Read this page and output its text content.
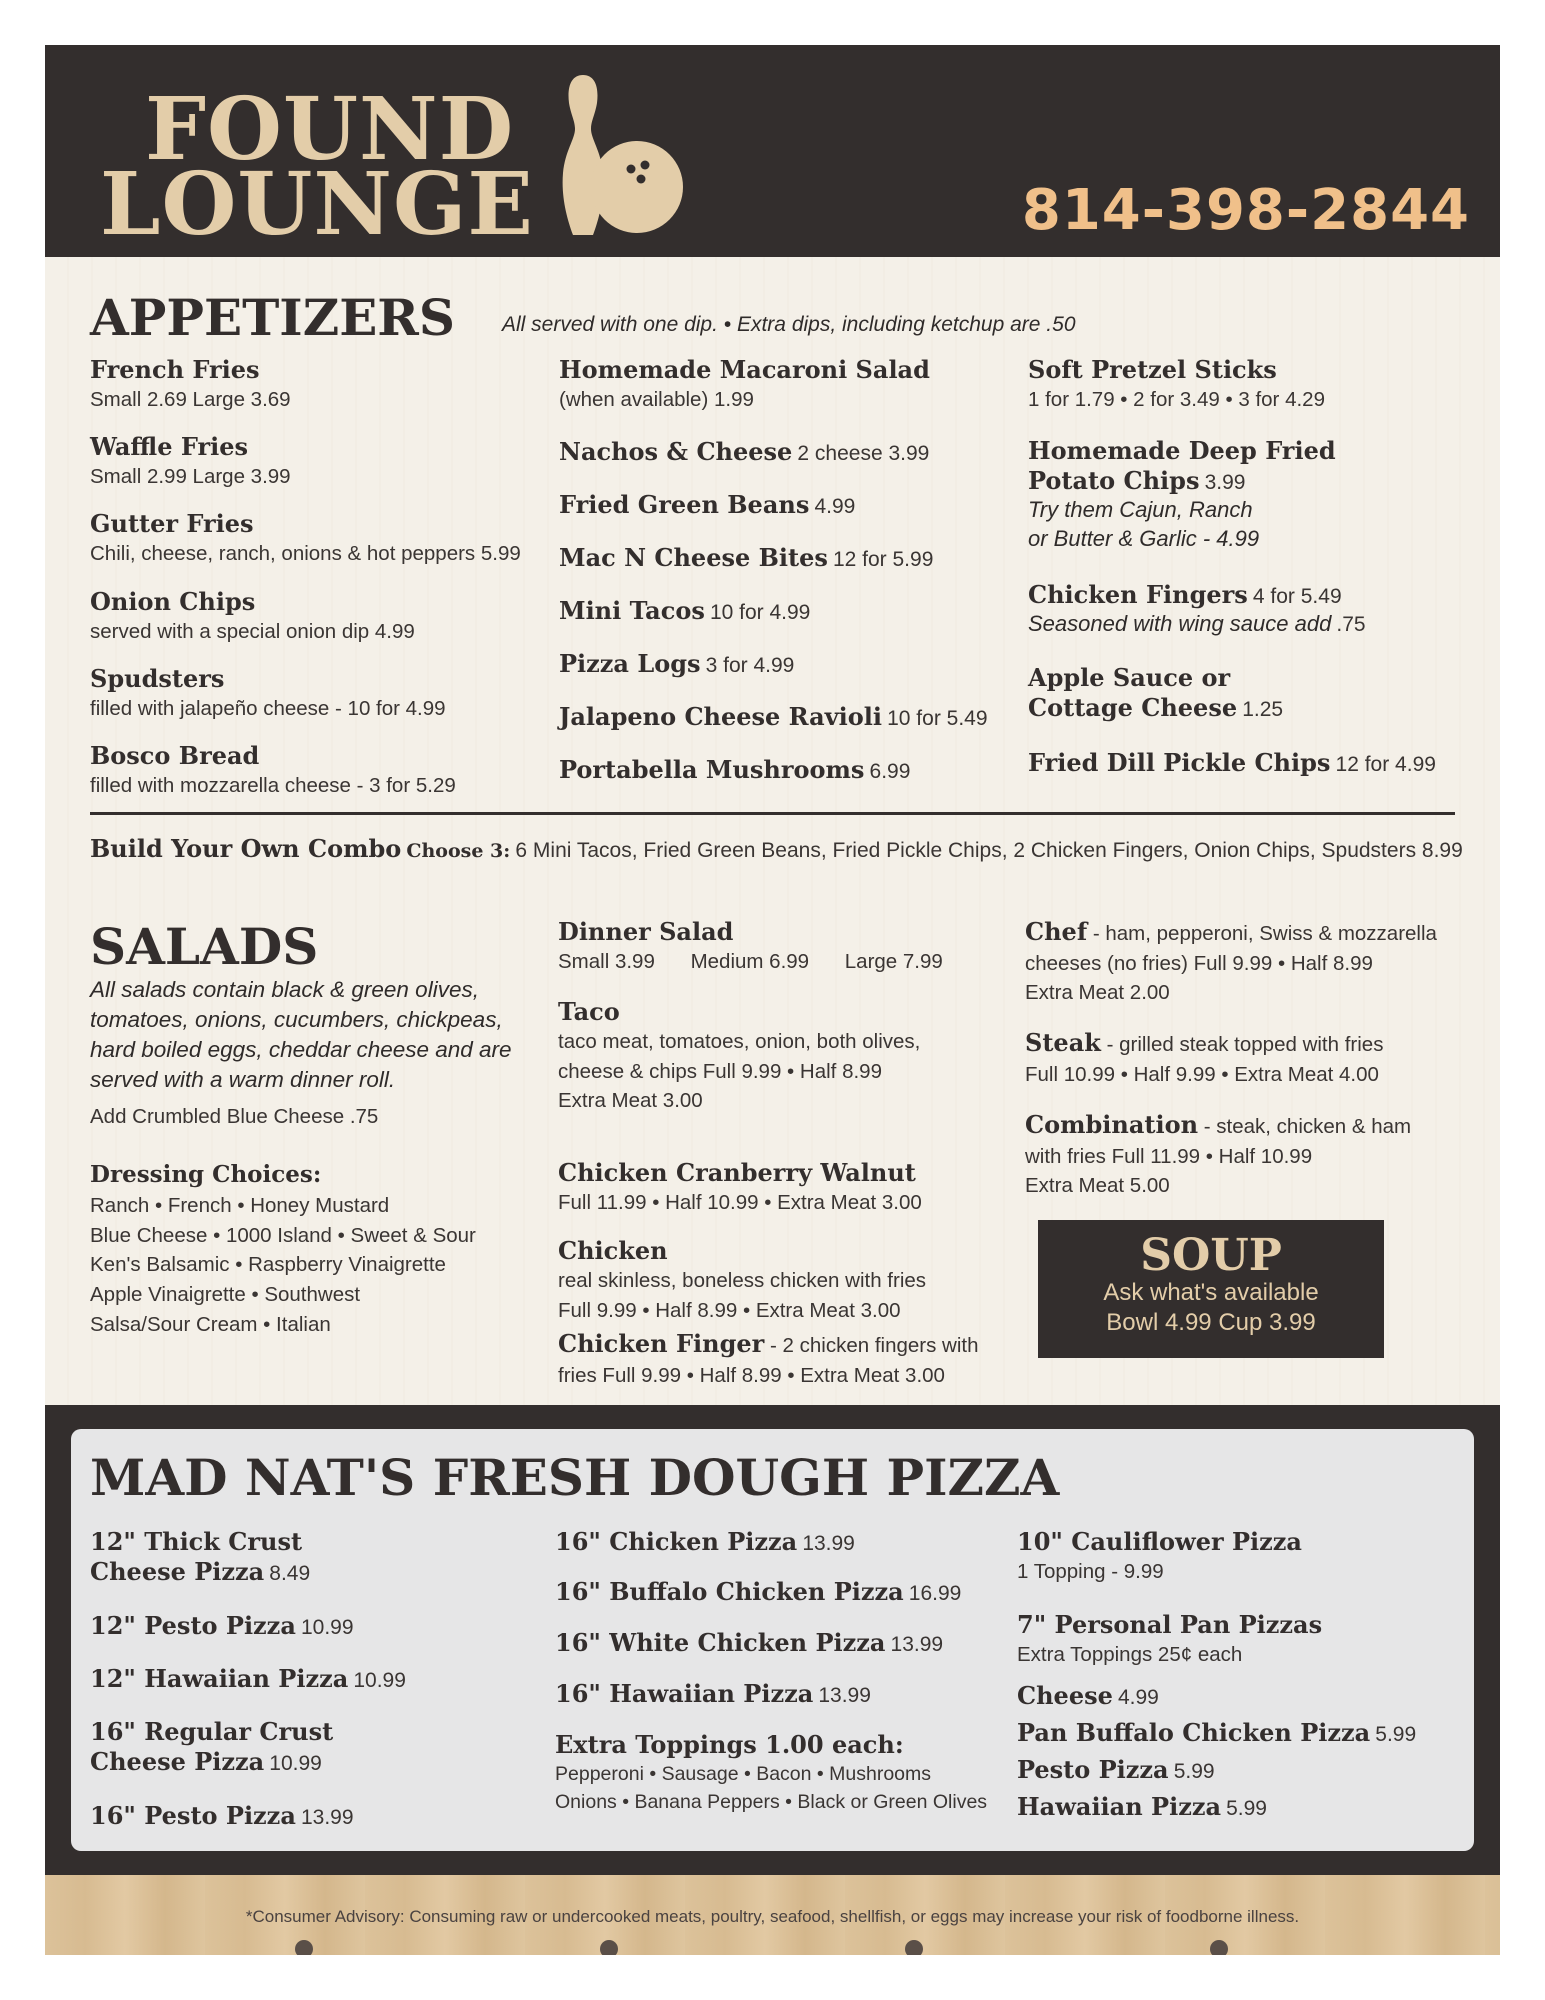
FOUND
LOUNGE	814-398-2844
APPETIZERS All served with one dip. • Extra dips, including ketchup are .50
French Fries
Small 2.69 Large 3.69
Waffle Fries
Small 2.99 Large 3.99
Gutter Fries
Chili, cheese, ranch, onions & hot peppers 5.99
Onion Chips
served with a special onion dip 4.99
Spudsters
filled with jalapeño cheese - 10 for 4.99
Bosco Bread
filled with mozzarella cheese - 3 for 5.29
Homemade Macaroni Salad
(when available) 1.99
Nachos & Cheese 2 cheese 3.99
Fried Green Beans 4.99
Mac N Cheese Bites 12 for 5.99
Mini Tacos 10 for 4.99
Pizza Logs 3 for 4.99
Jalapeno Cheese Ravioli 10 for 5.49
Portabella Mushrooms 6.99
Soft Pretzel Sticks
1 for 1.79 • 2 for 3.49 • 3 for 4.29
Homemade Deep Fried
Potato Chips 3.99
Try them Cajun, Ranch
or Butter & Garlic - 4.99
Chicken Fingers 4 for 5.49
Seasoned with wing sauce add .75
Apple Sauce or
Cottage Cheese 1.25
Fried Dill Pickle Chips 12 for 4.99
Build Your Own Combo Choose 3: 6 Mini Tacos, Fried Green Beans, Fried Pickle Chips, 2 Chicken Fingers, Onion Chips, Spudsters 8.99
SALADS
All salads contain black & green olives, tomatoes, onions, cucumbers, chickpeas, hard boiled eggs, cheddar cheese and are served with a warm dinner roll.
Add Crumbled Blue Cheese .75
Dressing Choices:
Ranch • French • Honey Mustard
Blue Cheese • 1000 Island • Sweet & Sour
Ken's Balsamic • Raspberry Vinaigrette
Apple Vinaigrette • Southwest
Salsa/Sour Cream • Italian
Dinner Salad
Small 3.99 Medium 6.99 Large 7.99
Taco
taco meat, tomatoes, onion, both olives,
cheese & chips Full 9.99 • Half 8.99
Extra Meat 3.00
Chicken Cranberry Walnut
Full 11.99 • Half 10.99 • Extra Meat 3.00
Chicken
real skinless, boneless chicken with fries
Full 9.99 • Half 8.99 • Extra Meat 3.00
Chicken Finger - 2 chicken fingers with
fries Full 9.99 • Half 8.99 • Extra Meat 3.00
Chef - ham, pepperoni, Swiss & mozzarella
cheeses (no fries) Full 9.99 • Half 8.99
Extra Meat 2.00
Steak - grilled steak topped with fries
Full 10.99 • Half 9.99 • Extra Meat 4.00
Combination - steak, chicken & ham
with fries Full 11.99 • Half 10.99
Extra Meat 5.00
SOUP
Ask what's available
Bowl 4.99 Cup 3.99
MAD NAT'S FRESH DOUGH PIZZA
12" Thick Crust
Cheese Pizza 8.49
12" Pesto Pizza 10.99
12" Hawaiian Pizza 10.99
16" Regular Crust
Cheese Pizza 10.99
16" Pesto Pizza 13.99
16" Chicken Pizza 13.99
16" Buffalo Chicken Pizza 16.99
16" White Chicken Pizza 13.99
16" Hawaiian Pizza 13.99
Extra Toppings 1.00 each:
Pepperoni • Sausage • Bacon • Mushrooms
Onions • Banana Peppers • Black or Green Olives
10" Cauliflower Pizza
1 Topping - 9.99
7" Personal Pan Pizzas
Extra Toppings 25¢ each
Cheese 4.99
Pan Buffalo Chicken Pizza 5.99
Pesto Pizza 5.99
Hawaiian Pizza 5.99
*Consumer Advisory: Consuming raw or undercooked meats, poultry, seafood, shellfish, or eggs may increase your risk of foodborne illness.
